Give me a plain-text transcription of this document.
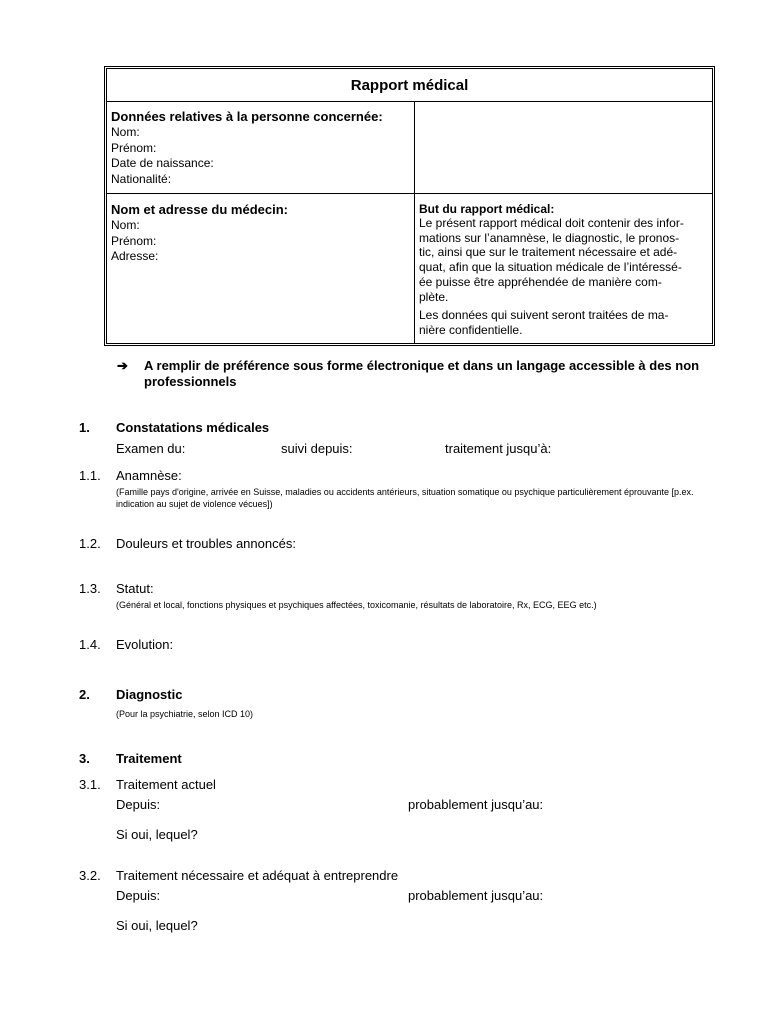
Rapport médical
Données relatives à la personne concernée:
Nom:
Prénom:
Date de naissance:
Nationalité:
Nom et adresse du médecin:
Nom:
Prénom:
Adresse:
But du rapport médical:
Le présent rapport médical doit contenir des infor-
mations sur l’anamnèse, le diagnostic, le pronos-
tic, ainsi que sur le traitement nécessaire et adé-
quat, afin que la situation médicale de l’intéressé-
ée puisse être appréhendée de manière com-
plète.
Les données qui suivent seront traitées de ma-
nière confidentielle.
➔ A remplir de préférence sous forme électronique et dans un langage accessible à des non professionnels
1. Constatations médicales
Examen du:	suivi depuis:	traitement jusqu’à:
1.1. Anamnèse:
(Famille pays d'origine, arrivée en Suisse, maladies ou accidents antérieurs, situation somatique ou psychique particulièrement éprouvante [p.ex. indication au sujet de violence vécues])
1.2. Douleurs et troubles annoncés:
1.3. Statut:
(Général et local, fonctions physiques et psychiques affectées, toxicomanie, résultats de laboratoire, Rx, ECG, EEG etc.)
1.4. Evolution:
2. Diagnostic
(Pour la psychiatrie, selon ICD 10)
3. Traitement
3.1. Traitement actuel
Depuis:	probablement jusqu’au:
Si oui, lequel?
3.2. Traitement nécessaire et adéquat à entreprendre
Depuis:	probablement jusqu’au:
Si oui, lequel?
